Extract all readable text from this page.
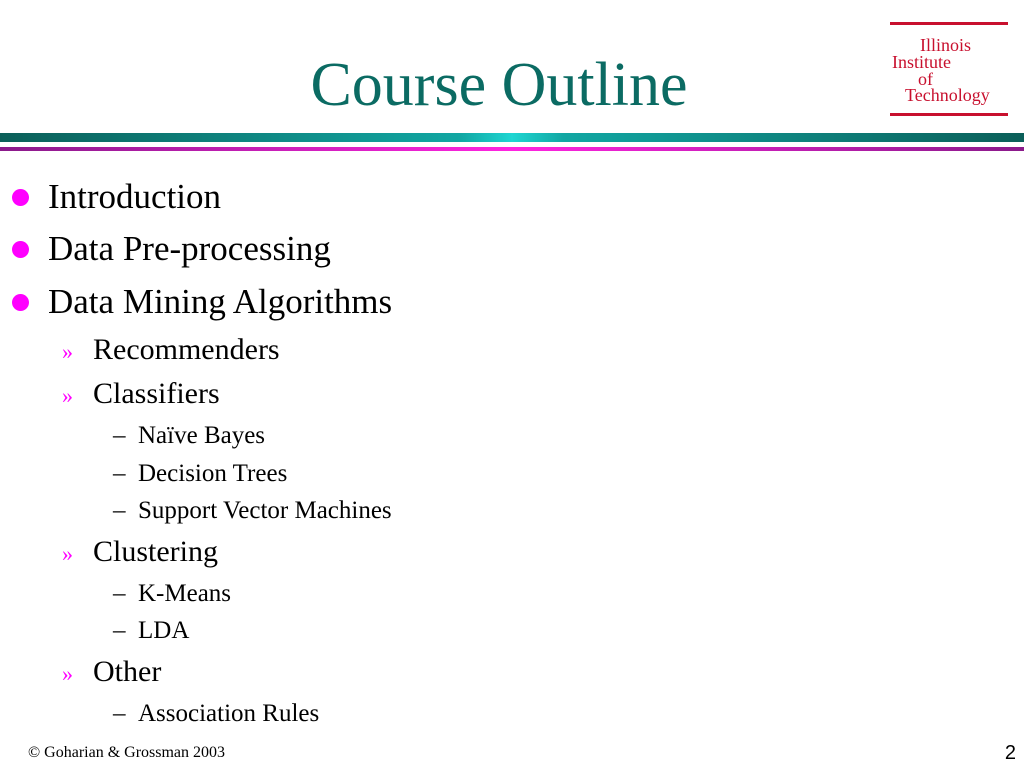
Course Outline
Illinois
Institute
of
Technology
Introduction
Data Pre-processing
Data Mining Algorithms
» Recommenders
» Classifiers
– Naïve Bayes
– Decision Trees
– Support Vector Machines
» Clustering
– K-Means
– LDA
» Other
– Association Rules
© Goharian & Grossman 2003	2
